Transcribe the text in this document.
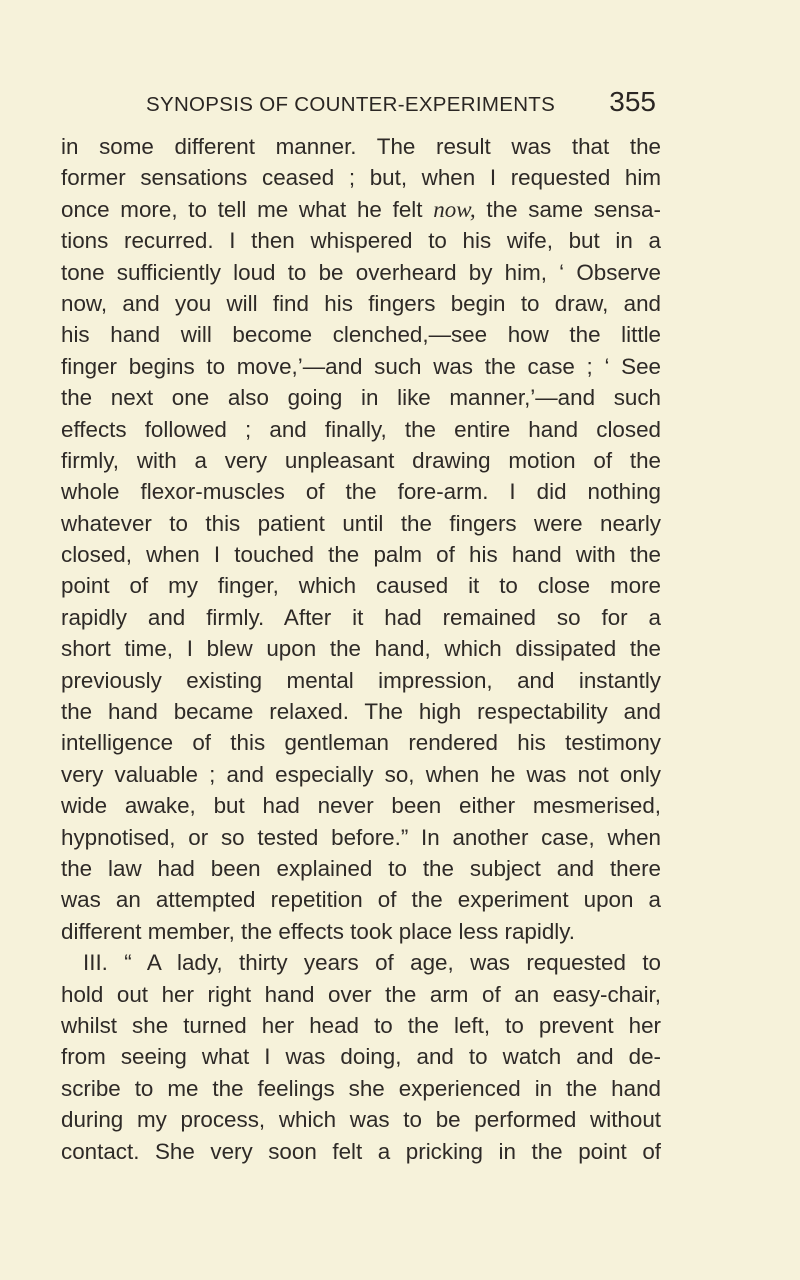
SYNOPSIS OF COUNTER-EXPERIMENTS 355
in some different manner. The result was that the
former sensations ceased ; but, when I requested him
once more, to tell me what he felt now, the same sensa-
tions recurred. I then whispered to his wife, but in a
tone sufficiently loud to be overheard by him, ‘ Observe
now, and you will find his fingers begin to draw, and
his hand will become clenched,—see how the little
finger begins to move,’—and such was the case ; ‘ See
the next one also going in like manner,’—and such
effects followed ; and finally, the entire hand closed
firmly, with a very unpleasant drawing motion of the
whole flexor-muscles of the fore-arm. I did nothing
whatever to this patient until the fingers were nearly
closed, when I touched the palm of his hand with the
point of my finger, which caused it to close more
rapidly and firmly. After it had remained so for a
short time, I blew upon the hand, which dissipated the
previously existing mental impression, and instantly
the hand became relaxed. The high respectability and
intelligence of this gentleman rendered his testimony
very valuable ; and especially so, when he was not only
wide awake, but had never been either mesmerised,
hypnotised, or so tested before.” In another case, when
the law had been explained to the subject and there
was an attempted repetition of the experiment upon a
different member, the effects took place less rapidly.
III. “ A lady, thirty years of age, was requested to
hold out her right hand over the arm of an easy-chair,
whilst she turned her head to the left, to prevent her
from seeing what I was doing, and to watch and de-
scribe to me the feelings she experienced in the hand
during my process, which was to be performed without
contact. She very soon felt a pricking in the point of
